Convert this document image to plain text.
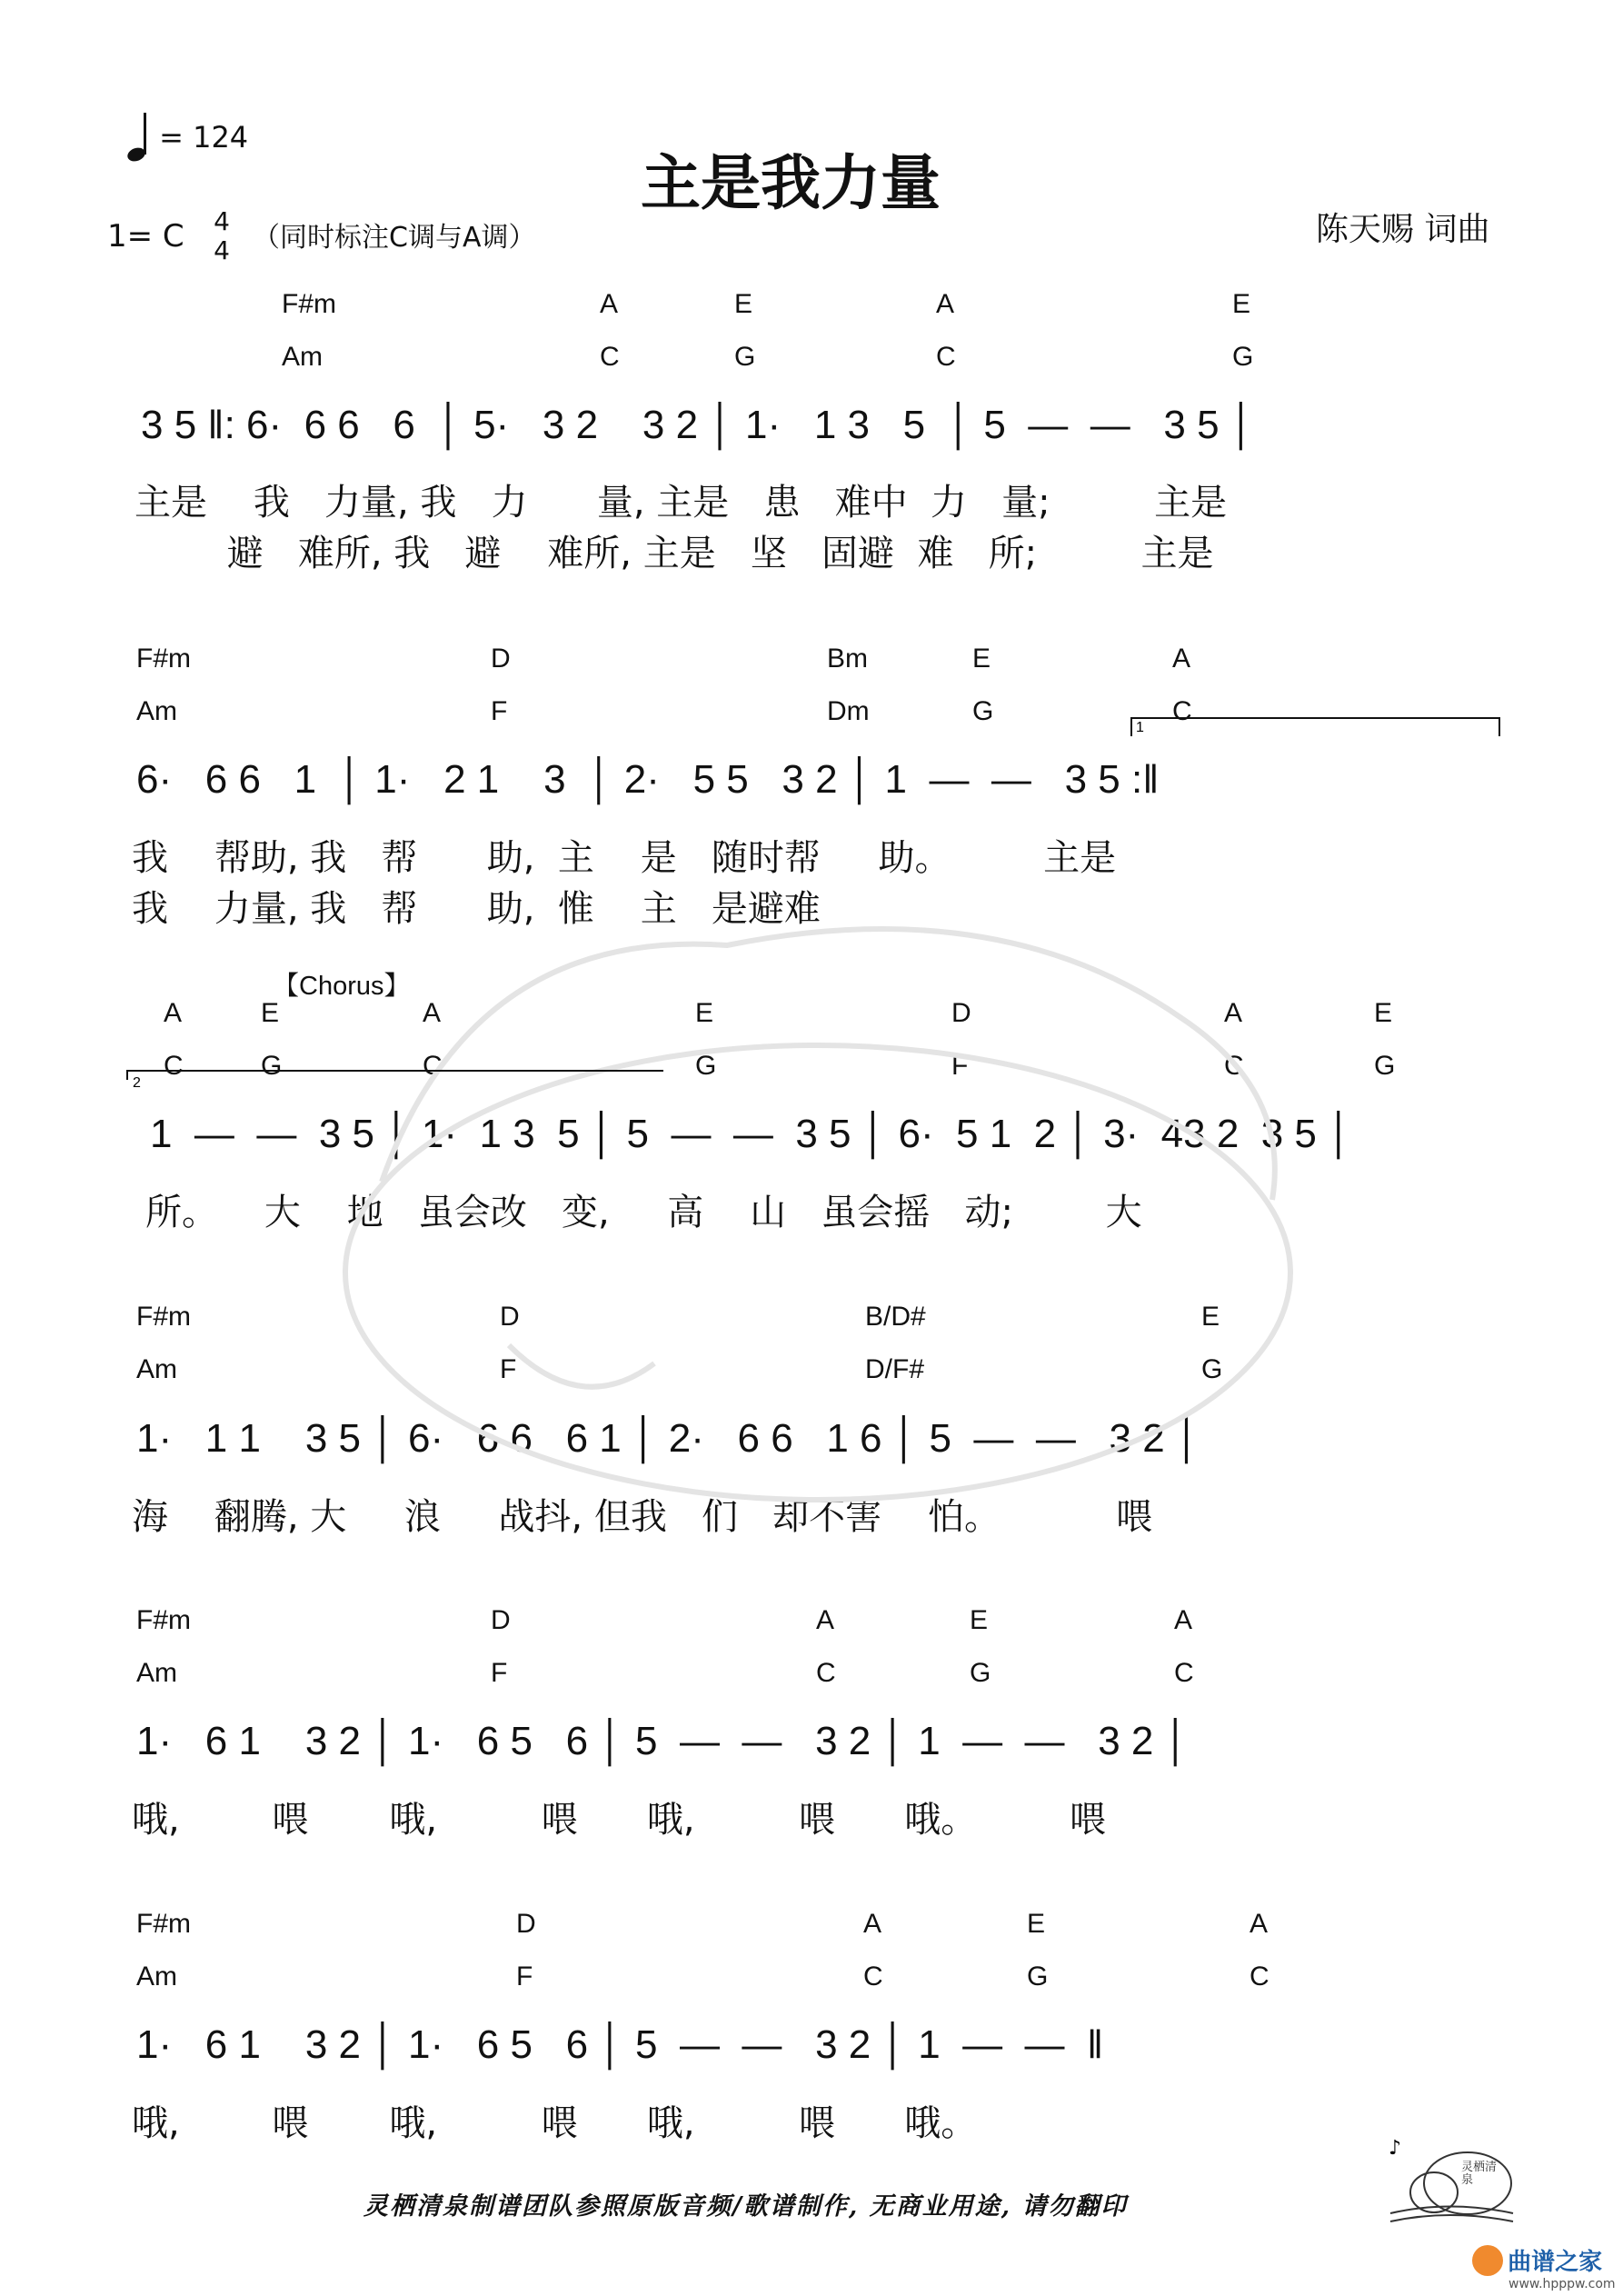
= 124
主是我力量
1= C 4
4 （同时标注C调与A调）	陈天赐 词曲
F#m	A	E	A	E
Am	C	G	C	G
3 5 ‖: 6·  6 6   6  │ 5·   3 2    3 2 │ 1·   1 3   5  │ 5  —  —   3 5 │
主是    我   力量, 我   力      量, 主是   患   难中  力   量;         主是
避   难所, 我   避    难所, 主是   坚   固避  难   所;         主是
F#m	D	Bm	E	A
Am	F	Dm	G	C
6·   6 6   1  │ 1·   2 1    3  │ 2·   5 5   3 2 │ 1  —  —   3 5 :‖
我    帮助, 我   帮      助,  主    是   随时帮     助。        主是
我    力量, 我   帮      助,  惟    主   是避难
【Chorus】
A	E	A	E	D	A	E
C	G	C	G	F	C	G
1  —  —  3 5 │ 1·  1 3  5 │ 5  —  —  3 5 │ 6·  5 1  2 │ 3·  43 2  3 5 │
所。    大    地   虽会改   变,     高    山   虽会摇   动;        大
F#m	D	B/D#	E
Am	F	D/F#	G
1·   1 1    3 5 │ 6·   6 6   6 1 │ 2·   6 6   1 6 │ 5  —  —   3 2 │
海    翻腾, 大     浪     战抖, 但我   们   却不害    怕。          喂
F#m	D	A	E	A
Am	F	C	G	C
1·   6 1    3 2 │ 1·   6 5   6 │ 5  —  —   3 2 │ 1  —  —   3 2 │
哦,        喂       哦,         喂      哦,         喂      哦。        喂
F#m	D	A	E	A
Am	F	C	G	C
1·   6 1    3 2 │ 1·   6 5   6 │ 5  —  —   3 2 │ 1  —  —  ‖
哦,        喂       哦,         喂      哦,         喂      哦。
1
2
灵栖清泉制谱团队参照原版音频/歌谱制作, 无商业用途, 请勿翻印
♪
灵栖清泉
曲谱之家
www.hpppw.com
